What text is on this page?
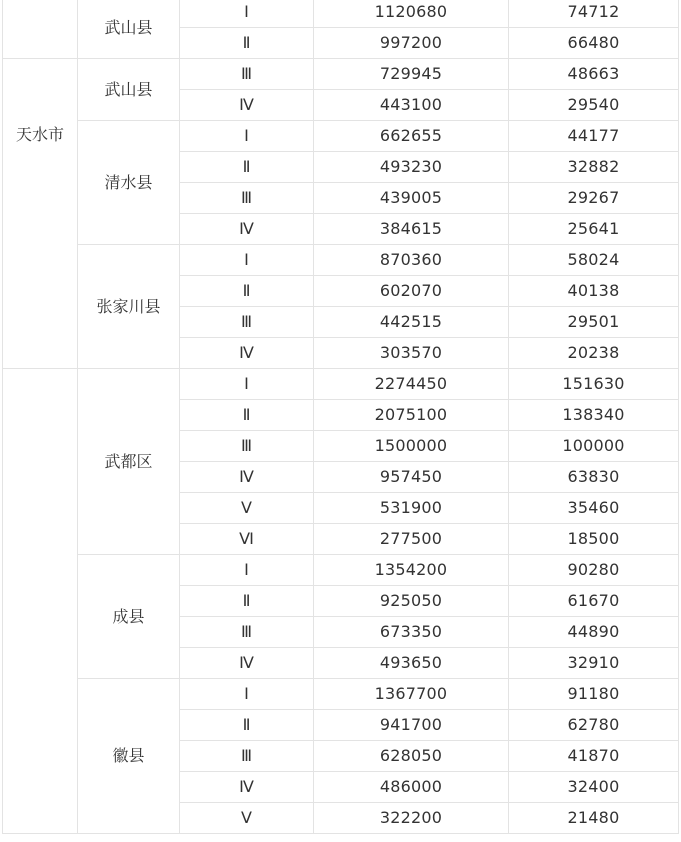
武山县
Ⅰ	1120680	74712
Ⅱ	997200	66480
天水市
武山县
Ⅲ	729945	48663
Ⅳ	443100	29540
清水县
Ⅰ	662655	44177
Ⅱ	493230	32882
Ⅲ	439005	29267
Ⅳ	384615	25641
张家川县
Ⅰ	870360	58024
Ⅱ	602070	40138
Ⅲ	442515	29501
Ⅳ	303570	20238
武都区
Ⅰ	2274450	151630
Ⅱ	2075100	138340
Ⅲ	1500000	100000
Ⅳ	957450	63830
Ⅴ	531900	35460
Ⅵ	277500	18500
成县
Ⅰ	1354200	90280
Ⅱ	925050	61670
Ⅲ	673350	44890
Ⅳ	493650	32910
徽县
Ⅰ	1367700	91180
Ⅱ	941700	62780
Ⅲ	628050	41870
Ⅳ	486000	32400
Ⅴ	322200	21480
